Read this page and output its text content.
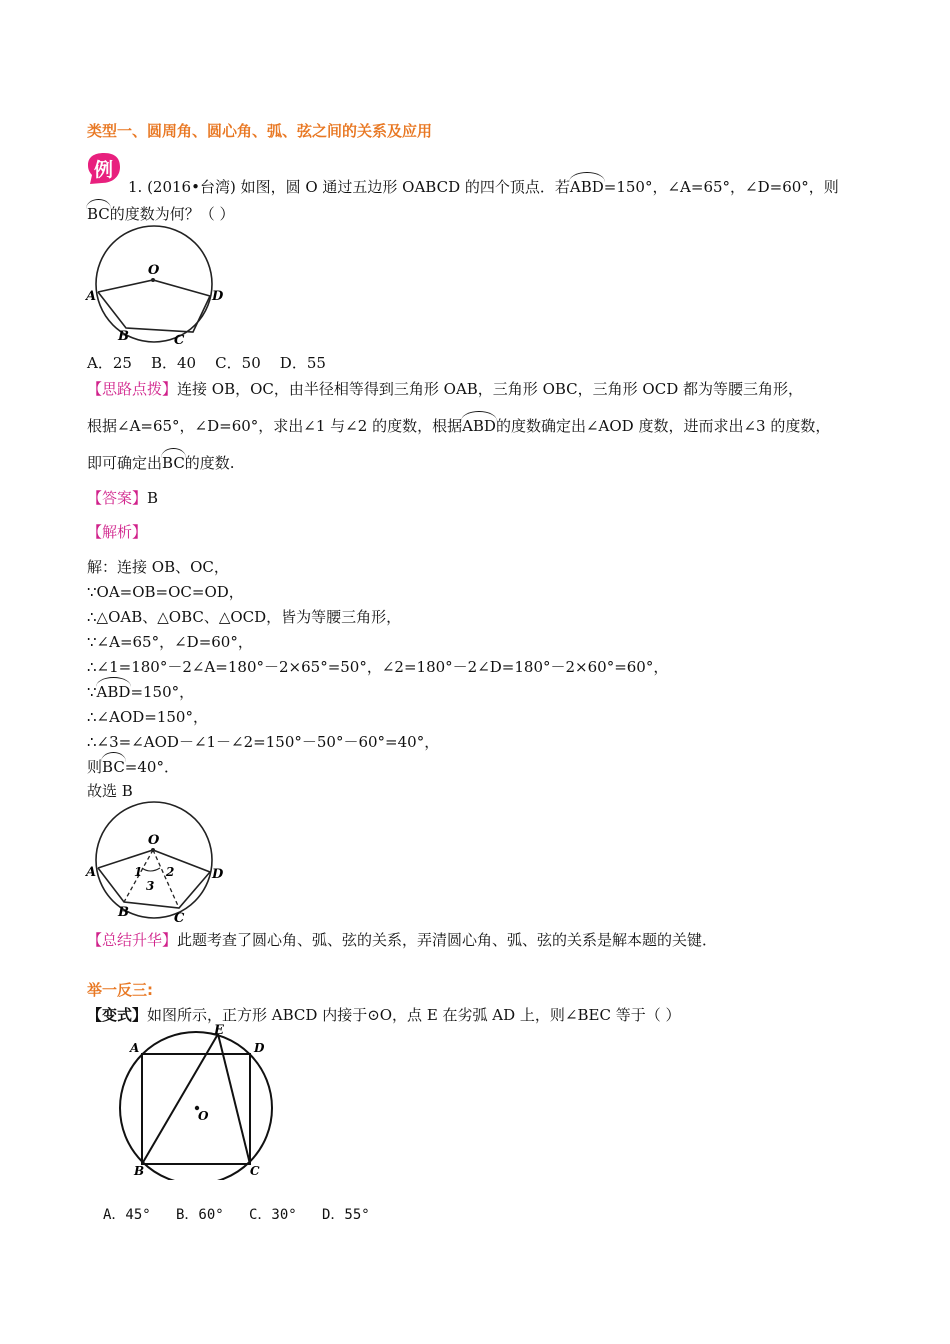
类型一、圆周角、圆心角、弧、弦之间的关系及应用
例
1. (2016•台湾) 如图，圆 O 通过五边形 OABCD 的四个顶点．若ABD=150°，∠A=65°，∠D=60°，则
BC的度数为何？（ ）
O
A	D
B	C
A．25    B．40    C．50    D．55
【思路点拨】连接 OB，OC，由半径相等得到三角形 OAB，三角形 OBC，三角形 OCD 都为等腰三角形，
根据∠A=65°，∠D=60°，求出∠1 与∠2 的度数，根据ABD的度数确定出∠AOD 度数，进而求出∠3 的度数，
即可确定出BC的度数.
【答案】B
【解析】
解：连接 OB、OC，
∵OA=OB=OC=OD，
∴△OAB、△OBC、△OCD，皆为等腰三角形，
∵∠A=65°，∠D=60°，
∴∠1=180°－2∠A=180°－2×65°=50°，∠2=180°－2∠D=180°－2×60°=60°，
∵ABD=150°，
∴∠AOD=150°，
∴∠3=∠AOD－∠1－∠2=150°－50°－60°=40°，
则BC=40°．
故选 B
O
A	D
B	C
1 2
3
【总结升华】此题考查了圆心角、弧、弦的关系，弄清圆心角、弧、弦的关系是解本题的关键．
举一反三:
【变式】如图所示，正方形 ABCD 内接于⊙O，点 E 在劣弧 AD 上，则∠BEC 等于（ ）
E
A	D
O
B	C
A．45°   B．60°   C．30°   D．55°
